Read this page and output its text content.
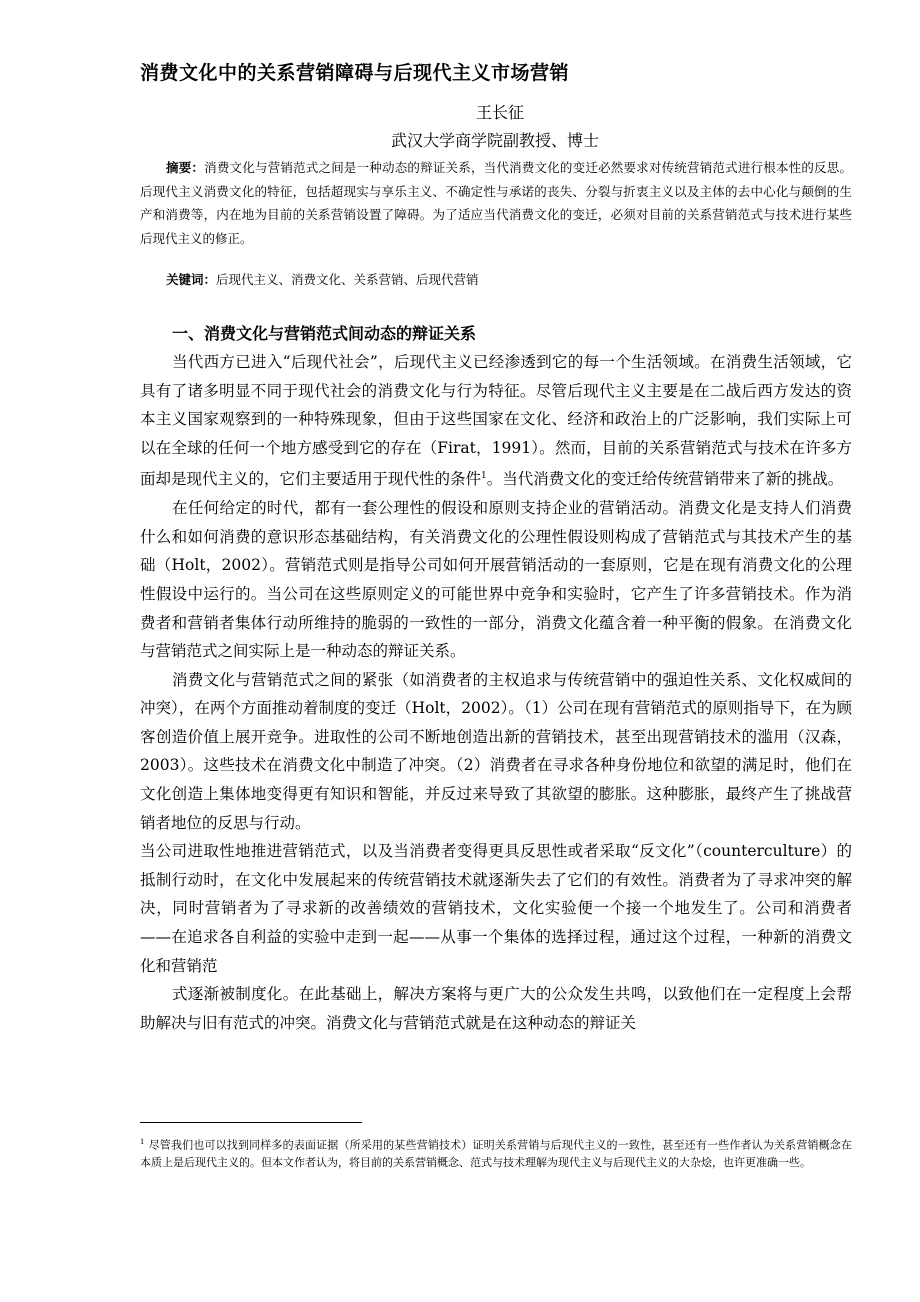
消费文化中的关系营销障碍与后现代主义市场营销
王长征
武汉大学商学院副教授、博士
摘要：消费文化与营销范式之间是一种动态的辩证关系，当代消费文化的变迁必然要求对传统营销范式进行根本性的反思。后现代主义消费文化的特征，包括超现实与享乐主义、不确定性与承诺的丧失、分裂与折衷主义以及主体的去中心化与颠倒的生产和消费等，内在地为目前的关系营销设置了障碍。为了适应当代消费文化的变迁，必须对目前的关系营销范式与技术进行某些后现代主义的修正。
关键词：后现代主义、消费文化、关系营销、后现代营销
一、消费文化与营销范式间动态的辩证关系

当代西方已进入“后现代社会”，后现代主义已经渗透到它的每一个生活领域。在消费生活领域，它具有了诸多明显不同于现代社会的消费文化与行为特征。尽管后现代主义主要是在二战后西方发达的资本主义国家观察到的一种特殊现象，但由于这些国家在文化、经济和政治上的广泛影响，我们实际上可以在全球的任何一个地方感受到它的存在（Firat，1991）。然而，目前的关系营销范式与技术在许多方面却是现代主义的，它们主要适用于现代性的条件$^1$。当代消费文化的变迁给传统营销带来了新的挑战。

在任何给定的时代，都有一套公理性的假设和原则支持企业的营销活动。消费文化是支持人们消费什么和如何消费的意识形态基础结构，有关消费文化的公理性假设则构成了营销范式与其技术产生的基础（Holt，2002）。营销范式则是指导公司如何开展营销活动的一套原则，它是在现有消费文化的公理性假设中运行的。当公司在这些原则定义的可能世界中竞争和实验时，它产生了许多营销技术。作为消费者和营销者集体行动所维持的脆弱的一致性的一部分，消费文化蕴含着一种平衡的假象。在消费文化与营销范式之间实际上是一种动态的辩证关系。

消费文化与营销范式之间的紧张（如消费者的主权追求与传统营销中的强迫性关系、文化权威间的冲突），在两个方面推动着制度的变迁（Holt，2002）。（1）公司在现有营销范式的原则指导下，在为顾客创造价值上展开竞争。进取性的公司不断地创造出新的营销技术，甚至出现营销技术的滥用（汉森，2003）。这些技术在消费文化中制造了冲突。（2）消费者在寻求各种身份地位和欲望的满足时，他们在文化创造上集体地变得更有知识和智能，并反过来导致了其欲望的膨胀。这种膨胀，最终产生了挑战营销者地位的反思与行动。

当公司进取性地推进营销范式，以及当消费者变得更具反思性或者采取“反文化”（counterculture）的抵制行动时，在文化中发展起来的传统营销技术就逐渐失去了它们的有效性。消费者为了寻求冲突的解决，同时营销者为了寻求新的改善绩效的营销技术，文化实验便一个接一个地发生了。公司和消费者——在追求各自利益的实验中走到一起——从事一个集体的选择过程，通过这个过程，一种新的消费文化和营销范

式逐渐被制度化。在此基础上，解决方案将与更广大的公众发生共鸣，以致他们在一定程度上会帮助解决与旧有范式的冲突。消费文化与营销范式就是在这种动态的辩证关

$^1$ 尽管我们也可以找到同样多的表面证据（所采用的某些营销技术）证明关系营销与后现代主义的一致性，甚至还有一些作者认为关系营销概念在本质上是后现代主义的。但本文作者认为，将目前的关系营销概念、范式与技术理解为现代主义与后现代主义的大杂烩，也许更准确一些。
